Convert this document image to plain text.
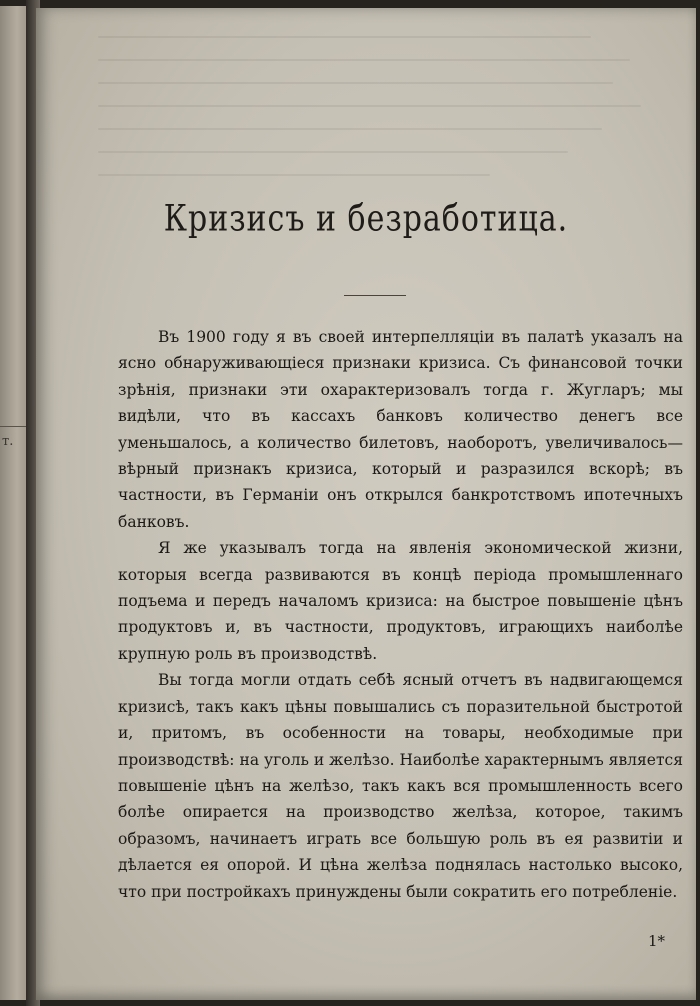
т.
Кризисъ и безработица.

Въ 1900 году я въ своей интерпелляціи въ палатѣ указалъ на ясно обнаруживающіеся признаки кризиса. Съ финансовой точки зрѣнія, признаки эти охарактеризовалъ тогда г. Жугларъ; мы видѣли, что въ кассахъ банковъ количество денегъ все уменьшалось, а количество билетовъ, наоборотъ, увеличивалось—вѣрный признакъ кризиса, который и разразился вскорѣ; въ частности, въ Германіи онъ открылся банкротствомъ ипотечныхъ банковъ.

Я же указывалъ тогда на явленія экономической жизни, которыя всегда развиваются въ концѣ періода промышленнаго подъема и передъ началомъ кризиса: на быстрое повышеніе цѣнъ продуктовъ и, въ частности, продуктовъ, играющихъ наиболѣе крупную роль въ производствѣ.

Вы тогда могли отдать себѣ ясный отчетъ въ надвигающемся кризисѣ, такъ какъ цѣны повышались съ поразительной быстротой и, притомъ, въ особенности на товары, необходимые при производствѣ: на уголь и желѣзо. Наиболѣе характернымъ является повышеніе цѣнъ на желѣзо, такъ какъ вся промышленность всего болѣе опирается на производство желѣза, которое, такимъ образомъ, начинаетъ играть все большую роль въ ея развитіи и дѣлается ея опорой. И цѣна желѣза поднялась настолько высоко, что при постройкахъ принуждены были сократить его потребленіе.

1*
